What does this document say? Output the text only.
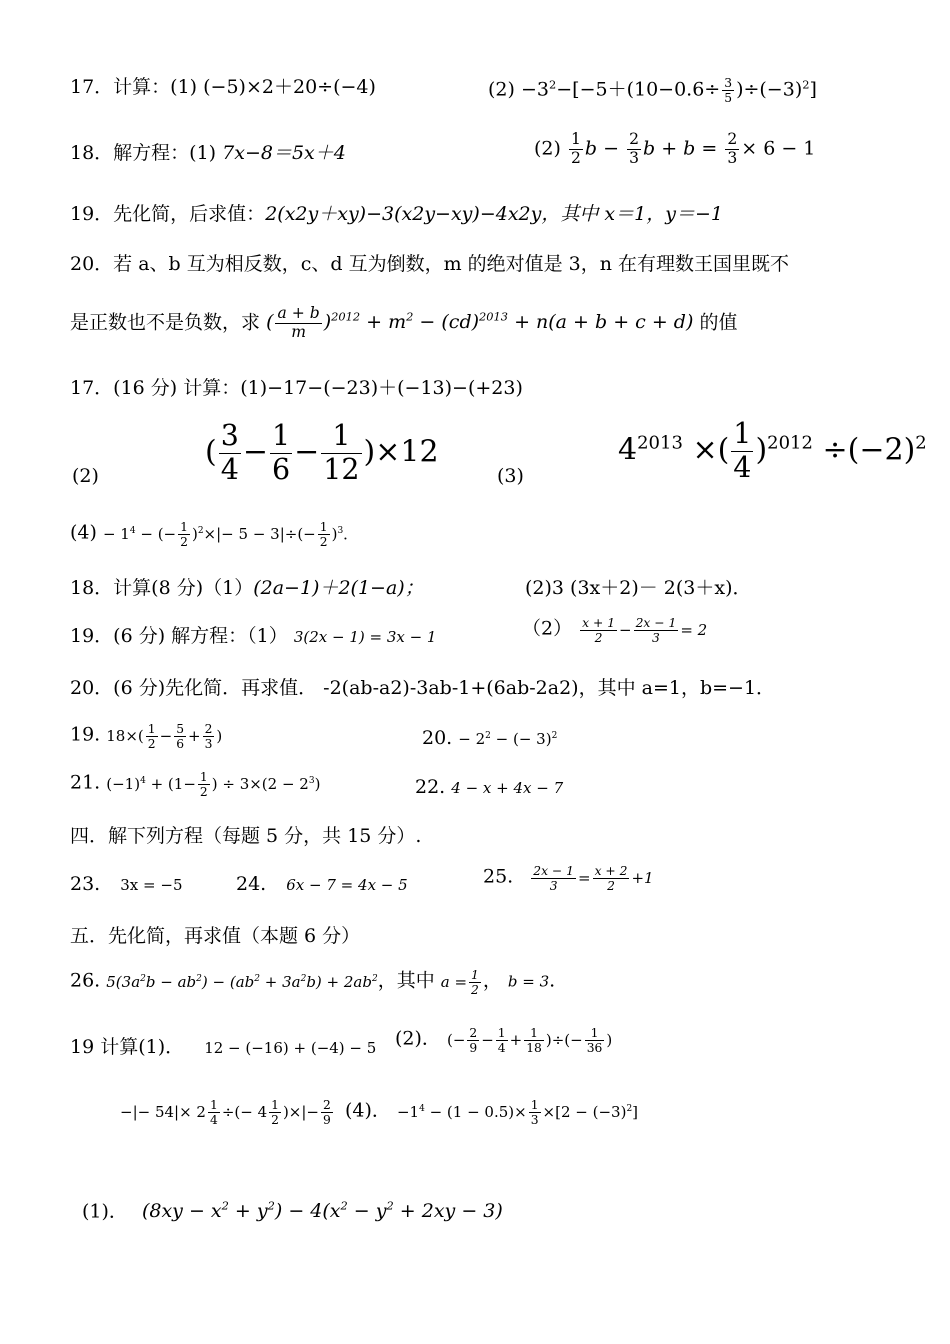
17．计算：(1) (−5)×2＋20÷(−4)	$(2) -3^2-[-5+(10-0.6\div \frac{3}{5} )\div(-3)^2]$
18．解方程：(1) 7x−8＝5x＋4	$(2) \frac{1}{2}$ $b - \frac{2}{3}$ $b + b = \frac{2}{3} \times 6 - 1$
19．先化简，后求值：2(x2y＋xy)−3(x2y−xy)−4x2y，其中 x＝1，y＝−1
20．若 a、b 互为相反数，c、d 互为倒数，m 的绝对值是 3，n 在有理数王国里既不
是正数也不是负数，求 ( $\frac{a + b}{m} )^{2012} + m^2 - (cd)^{2013} + n(a + b + c + d)$ 的值
17．(16 分) 计算：(1)−17−(−23)＋(−13)−(+23)
(2)
( $\frac{3}{4} - \frac{1}{6} - \frac{1}{12} )\times 12$
(3)
$4^{2013}$ ×( $\frac{1}{4} )^{2012} \div(-2)^2$
$(4) - 1^4$ − (− $\frac{1}{2} )^2\times|- 5 - 3|\div(- \frac{1}{2} )^3$．
18．计算(8 分)（1）(2a−1)＋2(1−a)；	(2)3 (3x＋2)－ 2(3＋x)．
19．(6 分) 解方程：（1） 3(2x − 1) = 3x − 1	$(2) \frac{x + 1}{2} - \frac{2x - 1}{3} = 2$
20．(6 分)先化简．再求值． -2(ab-a2)-3ab-1+(6ab-2a2)，其中 a=1，b=−1．
19. $18\times( \frac{1}{2} - \frac{5}{6} + \frac{2}{3}$ )	20. − $2^2$ − (− 3)$^2$
21. $(-1)^4 + (1- \frac{1}{2}$ ) ÷ $3\times(2 - 2^3)$	22. 4 − x + 4x − 7
四．解下列方程（每题 5 分，共 15 分）.
23. 3x = −5	24. 6x − 7 = 4x − 5	25. $\frac{2x - 1}{3} = \frac{x + 2}{2} +1$
五．先化简，再求值（本题 6 分）
26. $5(3a^2b - ab^2) - (ab^2 + 3a^2b) + 2ab^2$，其中 $a = \frac{1}{2}$ ， b = 3.
19 计算(1)． 12 − (−16) + (−4) − 5 (2)． (− $\frac{2}{9} - \frac{1}{4} + \frac{1}{18}$ )÷(− $\frac{1}{36}$ )
−|− $54|\times 2 \frac{1}{4}$ ÷(− $4 \frac{1}{2}$ )×|− $\frac{2}{9} (4)$． $-1^4 - (1 - 0.5)\times \frac{1}{3} \times[2 - (-3)^2]$
(1)． $(8xy - x^2 + y^2) - 4(x^2 - y^2 + 2xy - 3)$
